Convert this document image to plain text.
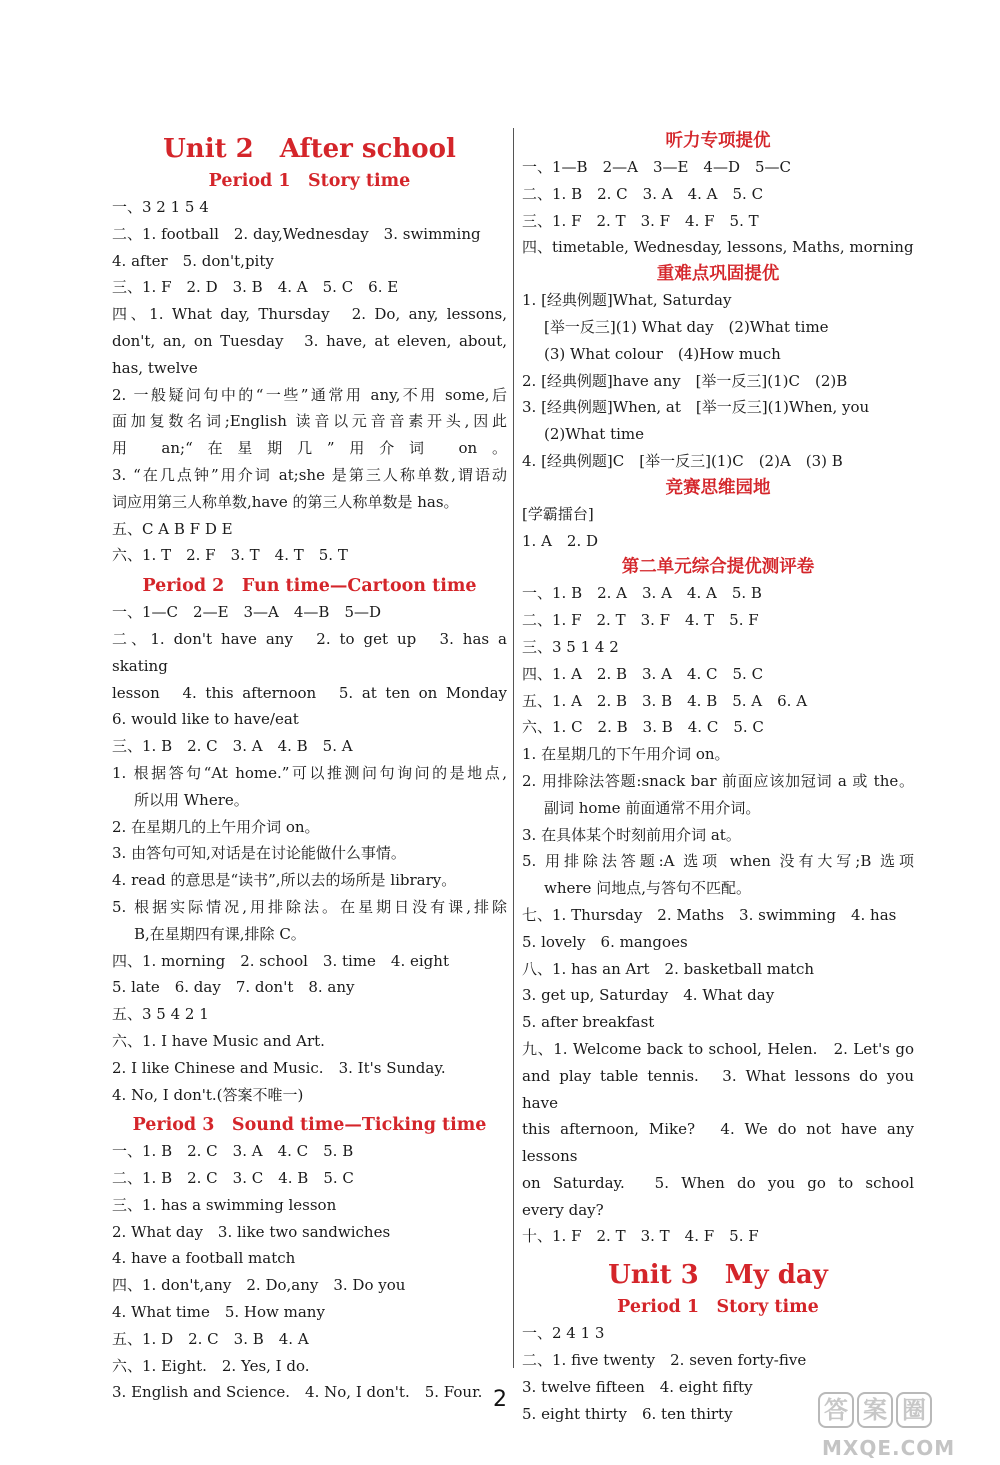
Unit 2　After school
Period 1　Story time
一、3 2 1 5 4
二、1. football　2. day,Wednesday　3. swimming
4. after　5. don't,pity
三、1. F　2. D　3. B　4. A　5. C　6. E
四、1. What day, Thursday　2. Do, any, lessons,
don't, an, on Tuesday　3. have, at eleven, about,
has, twelve
2. 一般疑问句中的“一些”通常用 any,不用 some,后
面加复数名词;English 读音以元音音素开头,因此
用 an;“在星期几”用介词 on。
3. “在几点钟”用介词 at;she 是第三人称单数,谓语动
词应用第三人称单数,have 的第三人称单数是 has。
五、C A B F D E
六、1. T　2. F　3. T　4. T　5. T
Period 2　Fun time—Cartoon time
一、1—C　2—E　3—A　4—B　5—D
二、1. don't have any　2. to get up　3. has a skating
lesson　4. this afternoon　5. at ten on Monday
6. would like to have/eat
三、1. B　2. C　3. A　4. B　5. A
1. 根据答句“At home.”可以推测问句询问的是地点,
所以用 Where。
2. 在星期几的上午用介词 on。
3. 由答句可知,对话是在讨论能做什么事情。
4. read 的意思是“读书”,所以去的场所是 library。
5. 根据实际情况,用排除法。在星期日没有课,排除
B,在星期四有课,排除 C。
四、1. morning　2. school　3. time　4. eight
5. late　6. day　7. don't　8. any
五、3 5 4 2 1
六、1. I have Music and Art.
2. I like Chinese and Music.　3. It's Sunday.
4. No, I don't.(答案不唯一)
Period 3　Sound time—Ticking time
一、1. B　2. C　3. A　4. C　5. B
二、1. B　2. C　3. C　4. B　5. C
三、1. has a swimming lesson
2. What day　3. like two sandwiches
4. have a football match
四、1. don't,any　2. Do,any　3. Do you
4. What time　5. How many
五、1. D　2. C　3. B　4. A
六、1. Eight.　2. Yes, I do.
3. English and Science.　4. No, I don't.　5. Four.
听力专项提优
一、1—B　2—A　3—E　4—D　5—C
二、1. B　2. C　3. A　4. A　5. C
三、1. F　2. T　3. F　4. F　5. T
四、timetable, Wednesday, lessons, Maths, morning
重难点巩固提优
1. [经典例题]What, Saturday
[举一反三](1) What day　(2)What time
(3) What colour　(4)How much
2. [经典例题]have any　[举一反三](1)C　(2)B
3. [经典例题]When, at　[举一反三](1)When, you
(2)What time
4. [经典例题]C　[举一反三](1)C　(2)A　(3) B
竞赛思维园地
[学霸擂台]
1. A　2. D
第二单元综合提优测评卷
一、1. B　2. A　3. A　4. A　5. B
二、1. F　2. T　3. F　4. T　5. F
三、3 5 1 4 2
四、1. A　2. B　3. A　4. C　5. C
五、1. A　2. B　3. B　4. B　5. A　6. A
六、1. C　2. B　3. B　4. C　5. C
1. 在星期几的下午用介词 on。
2. 用排除法答题:snack bar 前面应该加冠词 a 或 the。
副词 home 前面通常不用介词。
3. 在具体某个时刻前用介词 at。
5. 用排除法答题:A 选项 when 没有大写;B 选项
where 问地点,与答句不匹配。
七、1. Thursday　2. Maths　3. swimming　4. has
5. lovely　6. mangoes
八、1. has an Art　2. basketball match
3. get up, Saturday　4. What day
5. after breakfast
九、1. Welcome back to school, Helen.　2. Let's go
and play table tennis.　3. What lessons do you have
this afternoon, Mike?　4. We do not have any lessons
on Saturday.　5. When do you go to school
every day?
十、1. F　2. T　3. T　4. F　5. F
Unit 3　My day
Period 1　Story time
一、2 4 1 3
二、1. five twenty　2. seven forty-five
3. twelve fifteen　4. eight fifty
5. eight thirty　6. ten thirty
2	答 案 圈
MXQE.COM
